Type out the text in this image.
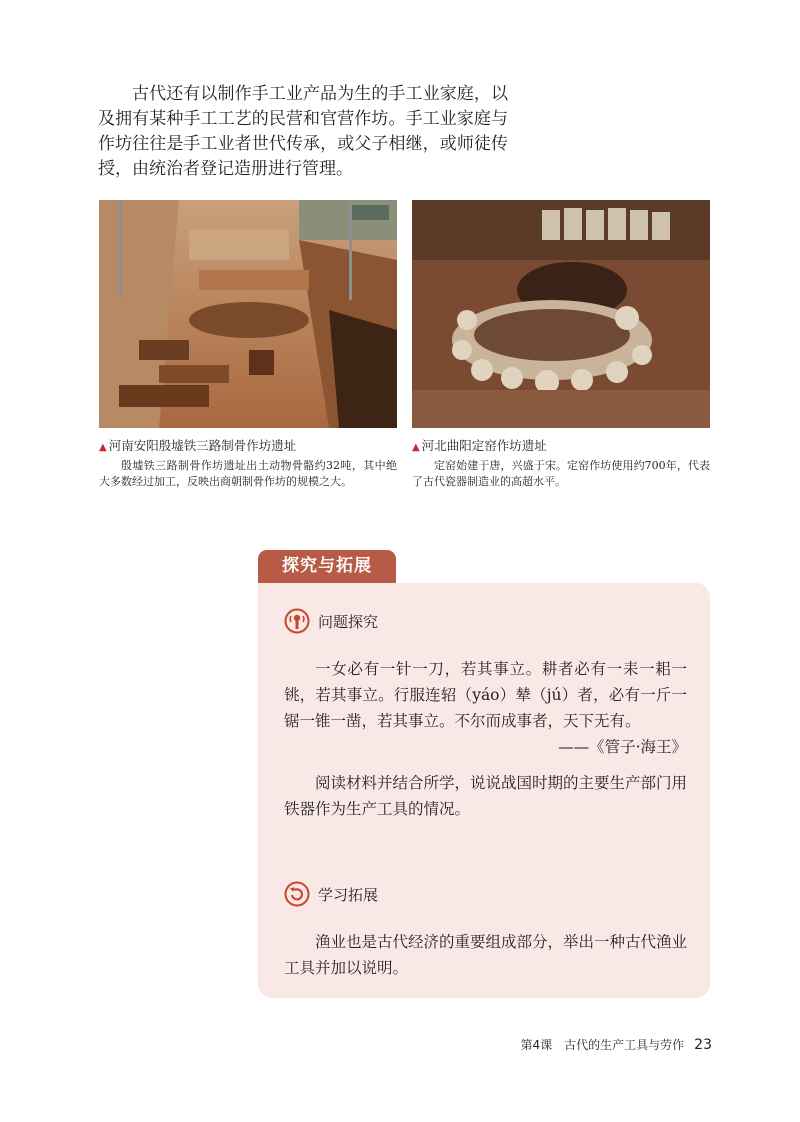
古代还有以制作手工业产品为生的手工业家庭，以及拥有某种手工工艺的民营和官营作坊。手工业家庭与作坊往往是手工业者世代传承，或父子相继，或师徒传授，由统治者登记造册进行管理。

▲ 河南安阳殷墟铁三路制骨作坊遗址
殷墟铁三路制骨作坊遗址出土动物骨骼约32吨，其中绝大多数经过加工，反映出商朝制骨作坊的规模之大。
▲ 河北曲阳定窑作坊遗址
定窑始建于唐，兴盛于宋。定窑作坊使用约700年，代表了古代瓷器制造业的高超水平。
探究与拓展
问题探究

一女必有一针一刀，若其事立。耕者必有一耒一耜一铫，若其事立。行服连轺（yáo）辇（jú）者，必有一斤一锯一锥一凿，若其事立。不尔而成事者，天下无有。

——《管子·海王》

阅读材料并结合所学，说说战国时期的主要生产部门用铁器作为生产工具的情况。

学习拓展

渔业也是古代经济的重要组成部分，举出一种古代渔业工具并加以说明。

第4课　古代的生产工具与劳作 23
